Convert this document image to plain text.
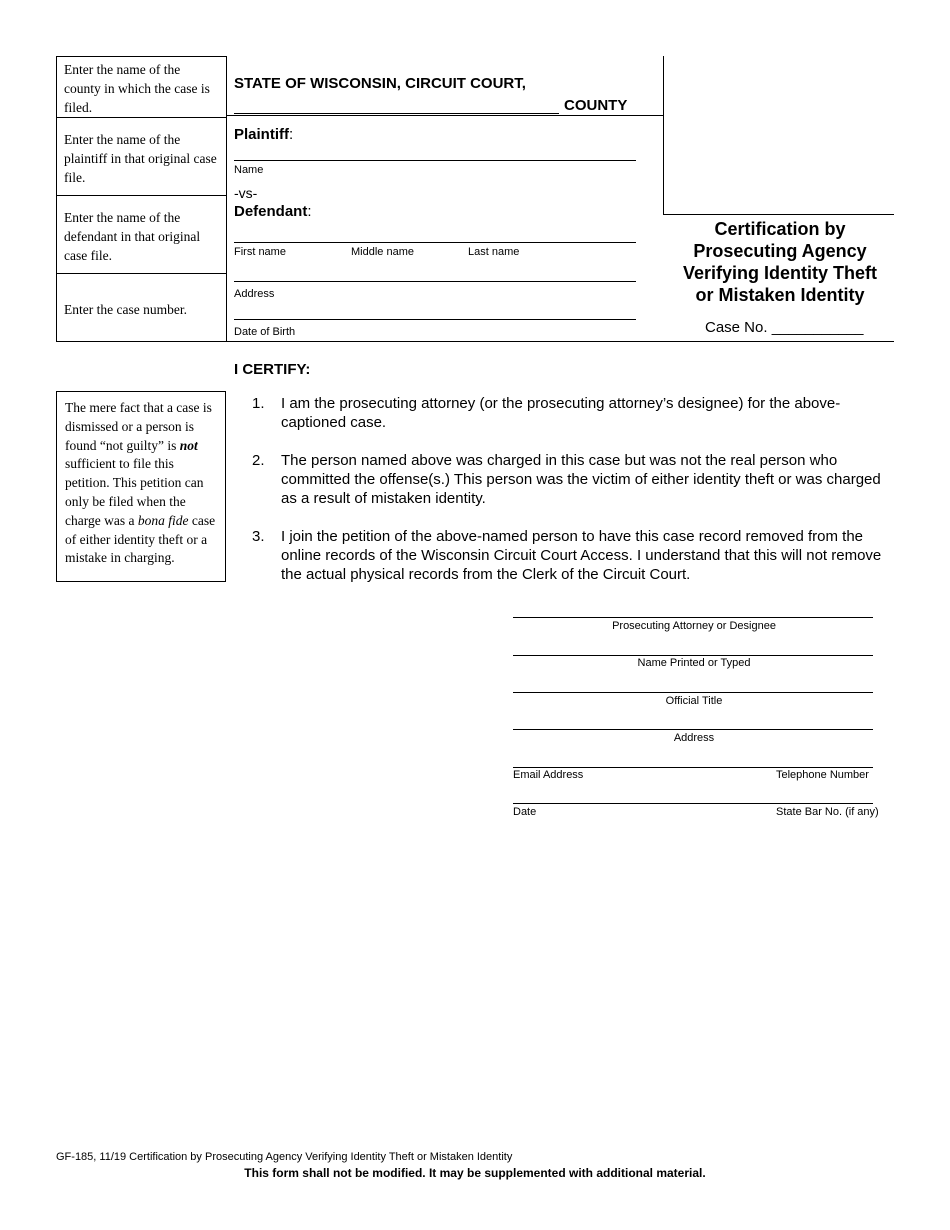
Enter the name of the county in which the case is filed.
Enter the name of the plaintiff in that original case file.
Enter the name of the defendant in that original case file.
Enter the case number.
STATE OF WISCONSIN, CIRCUIT COURT,
COUNTY
Plaintiff:
Name
-vs-
Defendant:
First name	Middle name	Last name
Address
Date of Birth
Certification by
Prosecuting Agency
Verifying Identity Theft
or Mistaken Identity
Case No. ___________
I CERTIFY:
1. I am the prosecuting attorney (or the prosecuting attorney’s designee) for the above-captioned case.
2. The person named above was charged in this case but was not the real person who committed the offense(s.) This person was the victim of either identity theft or was charged as a result of mistaken identity.
3. I join the petition of the above-named person to have this case record removed from the online records of the Wisconsin Circuit Court Access. I understand that this will not remove the actual physical records from the Clerk of the Circuit Court.
The mere fact that a case is dismissed or a person is found “not guilty” is not sufficient to file this petition. This petition can only be filed when the charge was a bona fide case of either identity theft or a mistake in charging.
Prosecuting Attorney or Designee
Name Printed or Typed
Official Title
Address
Email Address	Telephone Number
Date	State Bar No. (if any)
GF-185, 11/19 Certification by Prosecuting Agency Verifying Identity Theft or Mistaken Identity
This form shall not be modified. It may be supplemented with additional material.
